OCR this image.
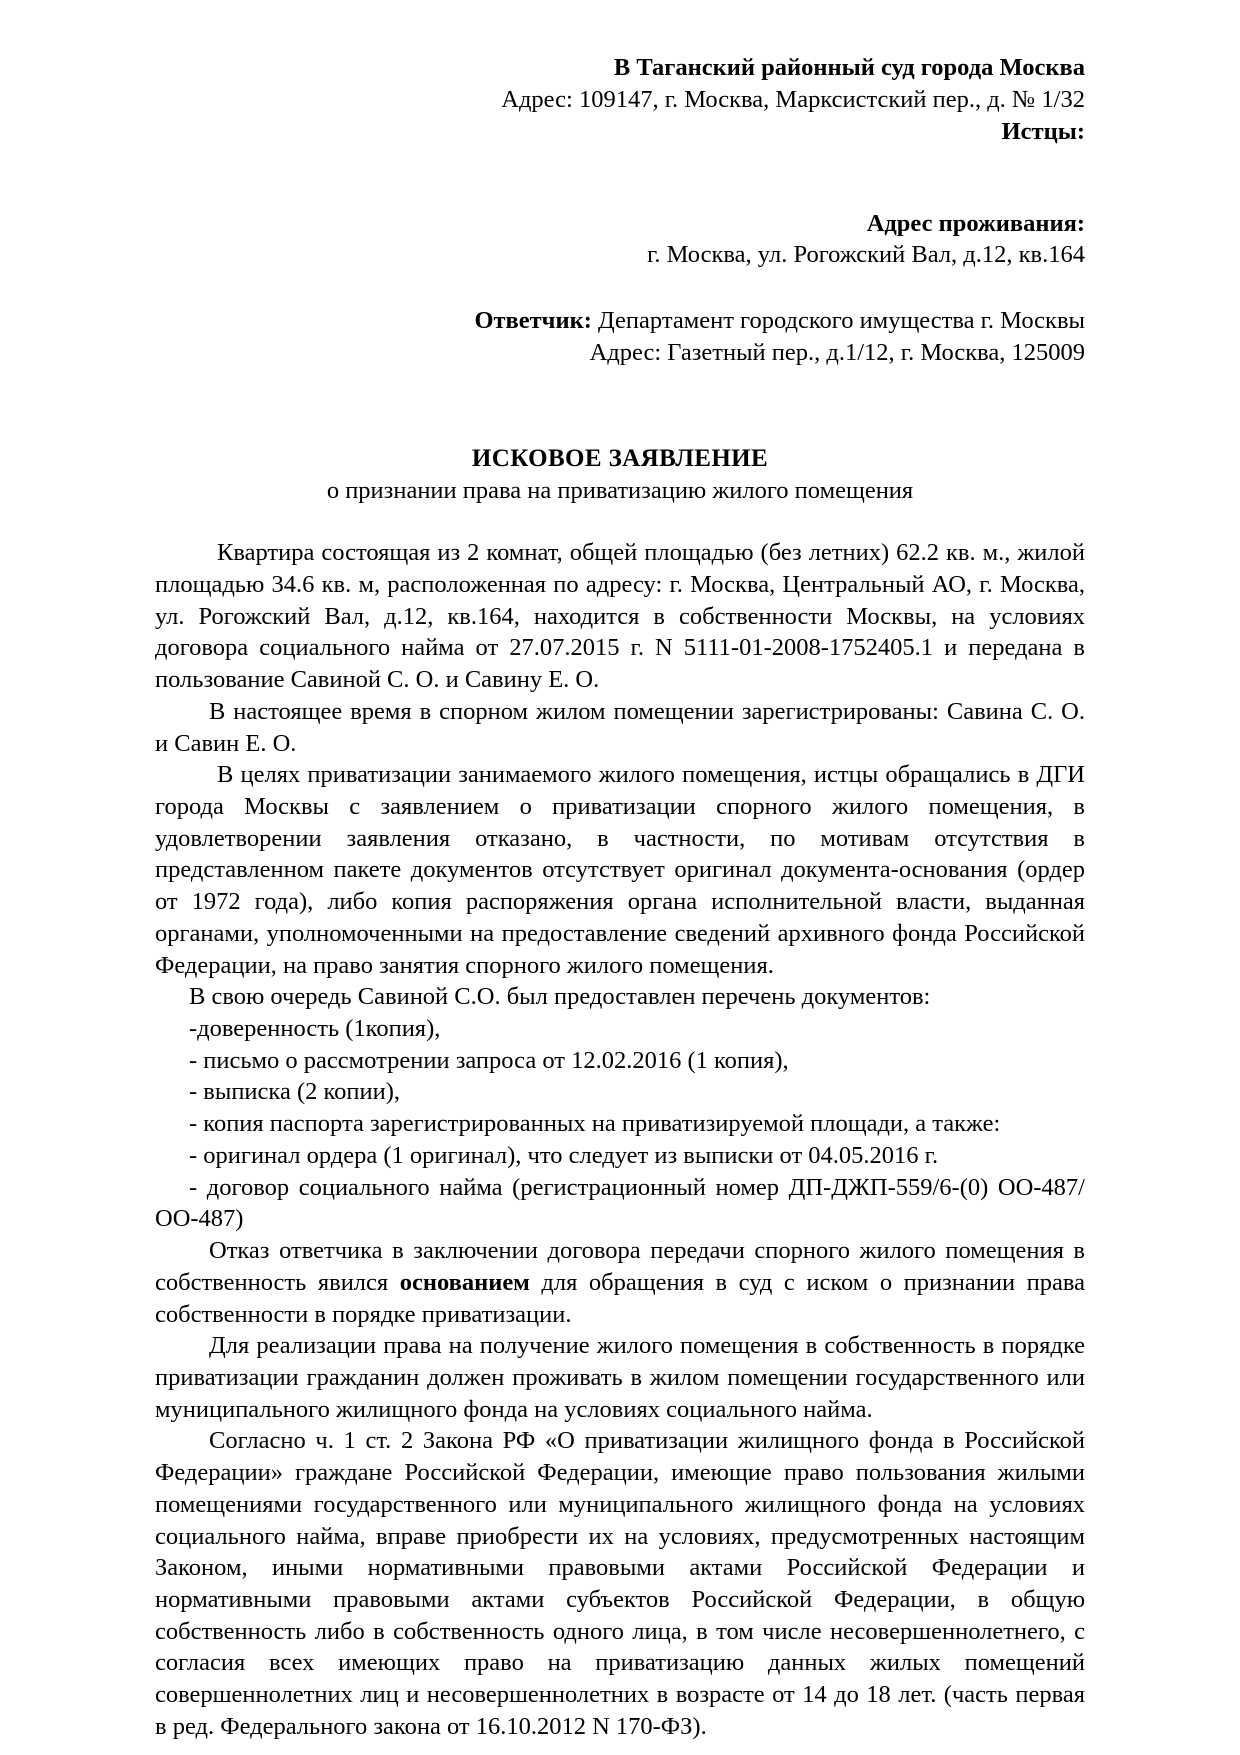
В Таганский районный суд города Москва
Адрес: 109147, г. Москва, Марксистский пер., д. № 1/32
Истцы:
Адрес проживания:
г. Москва, ул. Рогожский Вал, д.12, кв.164
Ответчик: Департамент городского имущества г. Москвы
Адрес: Газетный пер., д.1/12, г. Москва, 125009
ИСКОВОЕ ЗАЯВЛЕНИЕ
о признании права на приватизацию жилого помещения

Квартира состоящая из 2 комнат, общей площадью (без летних) 62.2 кв. м., жилой площадью 34.6 кв. м, расположенная по адресу: г. Москва, Центральный АО, г. Москва, ул. Рогожский Вал, д.12, кв.164, находится в собственности Москвы, на условиях договора социального найма от 27.07.2015 г. N 5111-01-2008-1752405.1 и передана в пользование Савиной С. О. и Савину Е. О.

В настоящее время в спорном жилом помещении зарегистрированы: Савина С. О. и Савин Е. О.

В целях приватизации занимаемого жилого помещения, истцы обращались в ДГИ города Москвы с заявлением о приватизации спорного жилого помещения, в удовлетворении заявления отказано, в частности, по мотивам отсутствия в представленном пакете документов отсутствует оригинал документа-основания (ордер от 1972 года), либо копия распоряжения органа исполнительной власти, выданная органами, уполномоченными на предоставление сведений архивного фонда Российской Федерации, на право занятия спорного жилого помещения.

В свою очередь Савиной С.О. был предоставлен перечень документов:

-доверенность (1копия),

- письмо о рассмотрении запроса от 12.02.2016 (1 копия),

- выписка (2 копии),

- копия паспорта зарегистрированных на приватизируемой площади, а также:

- оригинал ордера (1 оригинал), что следует из выписки от 04.05.2016 г.

- договор социального найма (регистрационный номер ДП-ДЖП-559/6-(0) ОО-487/ОО-487)

Отказ ответчика в заключении договора передачи спорного жилого помещения в собственность явился основанием для обращения в суд с иском о признании права собственности в порядке приватизации.

Для реализации права на получение жилого помещения в собственность в порядке приватизации гражданин должен проживать в жилом помещении государственного или муниципального жилищного фонда на условиях социального найма.

Согласно ч. 1 ст. 2 Закона РФ «О приватизации жилищного фонда в Российской Федерации» граждане Российской Федерации, имеющие право пользования жилыми помещениями государственного или муниципального жилищного фонда на условиях социального найма, вправе приобрести их на условиях, предусмотренных настоящим Законом, иными нормативными правовыми актами Российской Федерации и нормативными правовыми актами субъектов Российской Федерации, в общую собственность либо в собственность одного лица, в том числе несовершеннолетнего, с согласия всех имеющих право на приватизацию данных жилых помещений совершеннолетних лиц и несовершеннолетних в возрасте от 14 до 18 лет. (часть первая в ред. Федерального закона от 16.10.2012 N 170-ФЗ).
